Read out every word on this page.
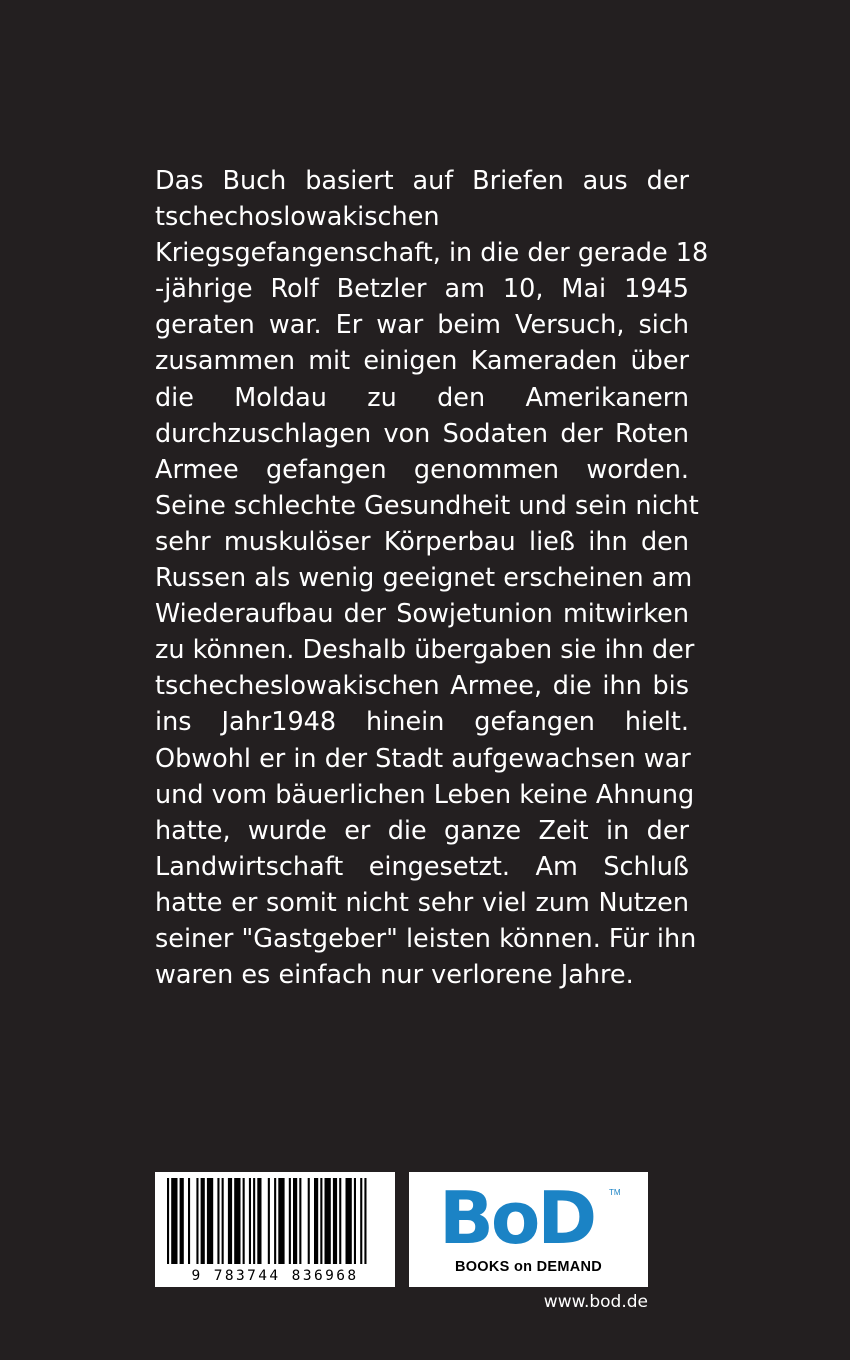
Das Buch basiert auf Briefen aus der
tschechoslowakischen
Kriegsgefangenschaft, in die der gerade 18
-jährige Rolf Betzler am 10, Mai 1945
geraten war. Er war beim Versuch, sich
zusammen mit einigen Kameraden über
die Moldau zu den Amerikanern
durchzuschlagen von Sodaten der Roten
Armee gefangen genommen worden.
Seine schlechte Gesundheit und sein nicht
sehr muskulöser Körperbau ließ ihn den
Russen als wenig geeignet erscheinen am
Wiederaufbau der Sowjetunion mitwirken
zu können. Deshalb übergaben sie ihn der
tschecheslowakischen Armee, die ihn bis
ins Jahr1948 hinein gefangen hielt.
Obwohl er in der Stadt aufgewachsen war
und vom bäuerlichen Leben keine Ahnung
hatte, wurde er die ganze Zeit in der
Landwirtschaft eingesetzt. Am Schluß
hatte er somit nicht sehr viel zum Nutzen
seiner "Gastgeber" leisten können. Für ihn
waren es einfach nur verlorene Jahre.
9 783744 836968
BoD TM
BOOKS on DEMAND
www.bod.de
